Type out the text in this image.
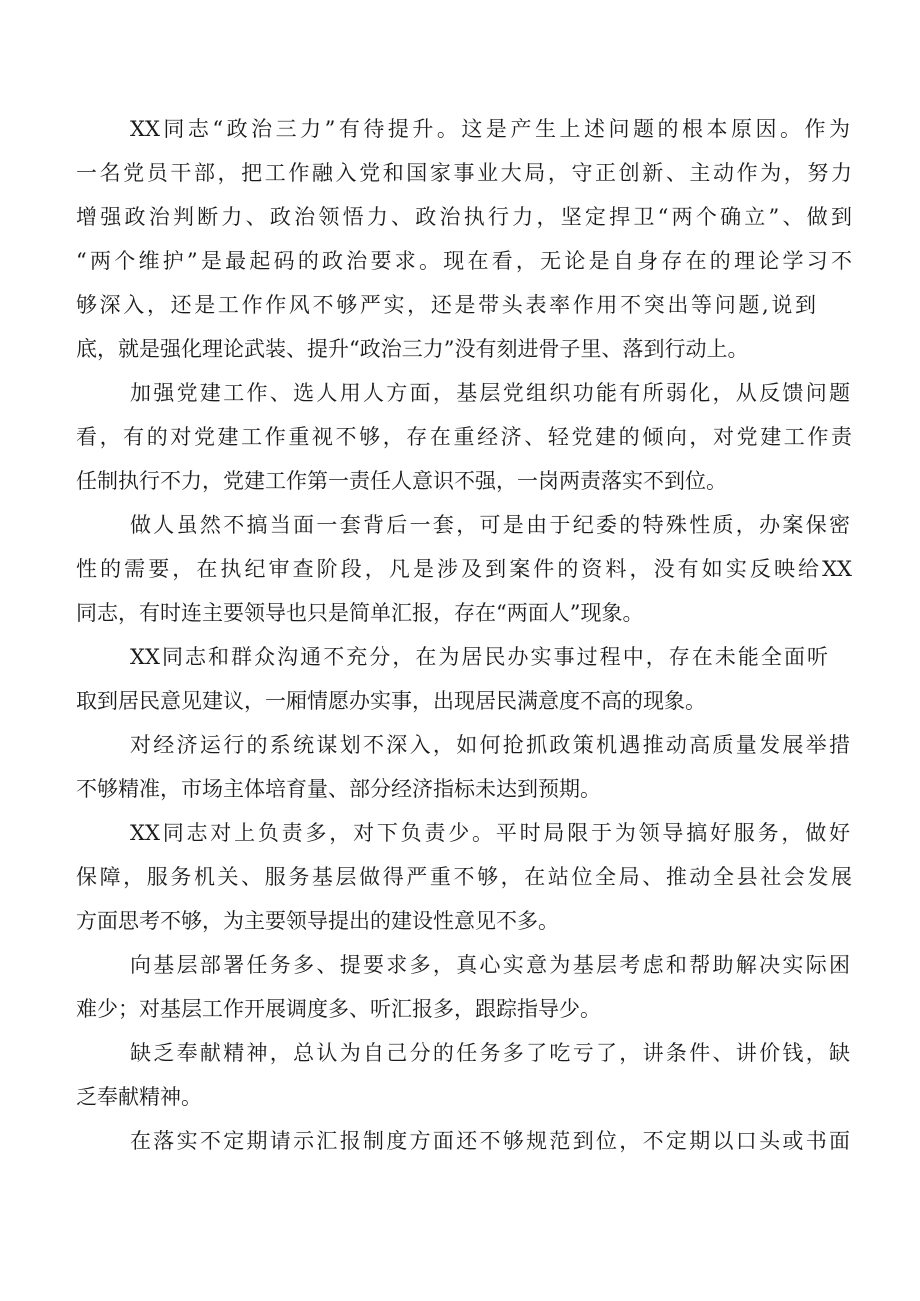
XX同志“政治三力”有待提升。这是产生上述问题的根本原因。作为
一名党员干部，把工作融入党和国家事业大局，守正创新、主动作为，努力
增强政治判断力、政治领悟力、政治执行力，坚定捍卫“两个确立”、做到
“两个维护”是最起码的政治要求。现在看，无论是自身存在的理论学习不
够深入，还是工作作风不够严实，还是带头表率作用不突出等问题,说到
底，就是强化理论武装、提升“政治三力”没有刻进骨子里、落到行动上。
加强党建工作、选人用人方面，基层党组织功能有所弱化，从反馈问题
看，有的对党建工作重视不够，存在重经济、轻党建的倾向，对党建工作责
任制执行不力，党建工作第一责任人意识不强，一岗两责落实不到位。
做人虽然不搞当面一套背后一套，可是由于纪委的特殊性质，办案保密
性的需要，在执纪审查阶段，凡是涉及到案件的资料，没有如实反映给XX
同志，有时连主要领导也只是简单汇报，存在“两面人”现象。
XX同志和群众沟通不充分，在为居民办实事过程中，存在未能全面听
取到居民意见建议，一厢情愿办实事，出现居民满意度不高的现象。
对经济运行的系统谋划不深入，如何抢抓政策机遇推动高质量发展举措
不够精准，市场主体培育量、部分经济指标未达到预期。
XX同志对上负责多，对下负责少。平时局限于为领导搞好服务，做好
保障，服务机关、服务基层做得严重不够，在站位全局、推动全县社会发展
方面思考不够，为主要领导提出的建设性意见不多。
向基层部署任务多、提要求多，真心实意为基层考虑和帮助解决实际困
难少；对基层工作开展调度多、听汇报多，跟踪指导少。
缺乏奉献精神，总认为自己分的任务多了吃亏了，讲条件、讲价钱，缺
乏奉献精神。
在落实不定期请示汇报制度方面还不够规范到位，不定期以口头或书面
